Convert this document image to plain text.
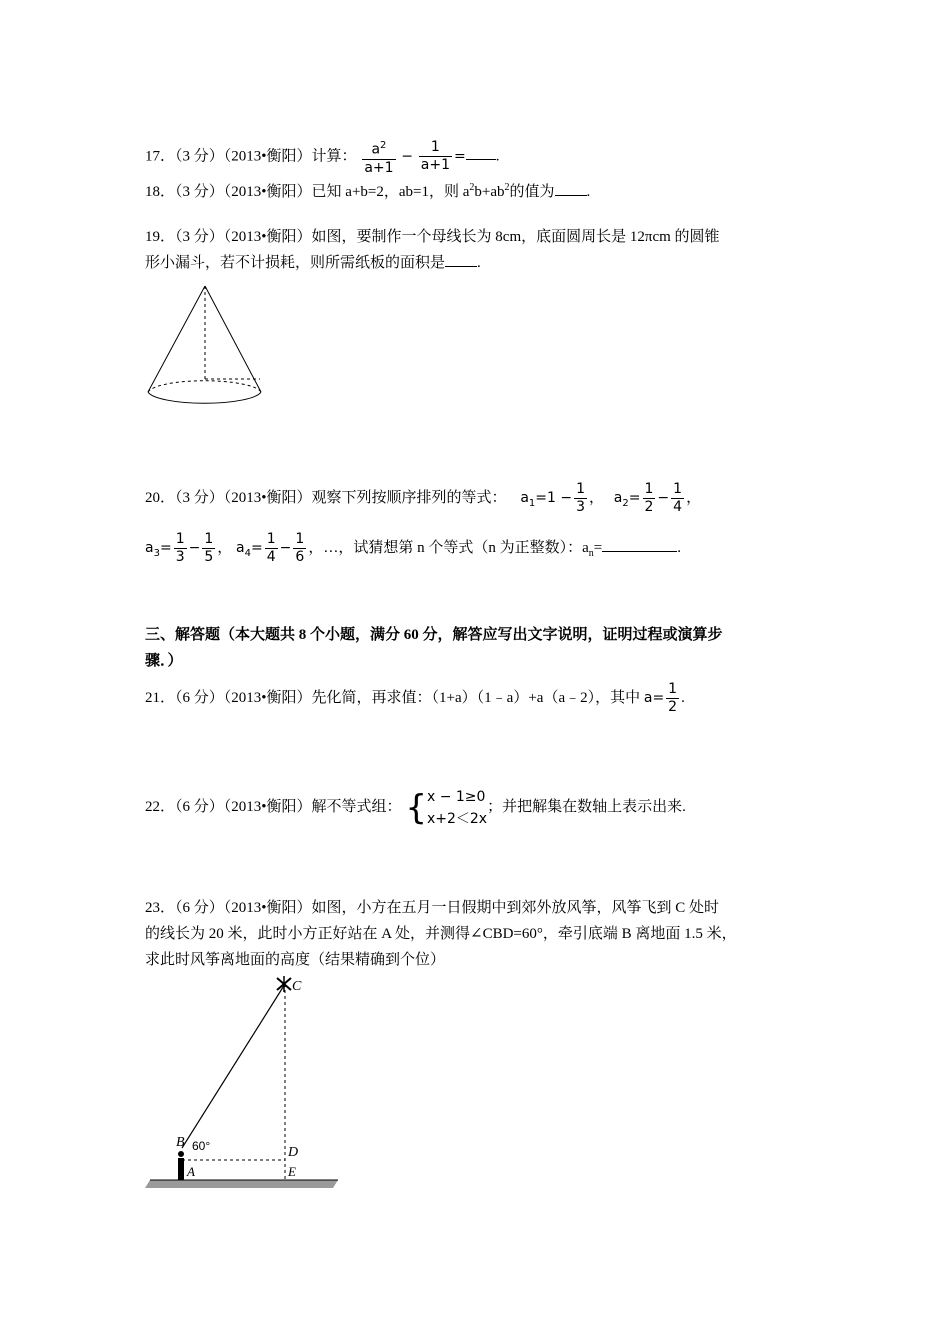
17．（3 分）（2013•衡阳）计算： $\frac{a^2}{a+1} - \frac{1}{a+1}$ = .
18．（3 分）（2013•衡阳）已知 a+b=2，ab=1，则 $a^2b+ab^2$的值为 .
19．（3 分）（2013•衡阳）如图，要制作一个母线长为 8cm，底面圆周长是 12πcm 的圆锥
形小漏斗，若不计损耗，则所需纸板的面积是 .
20．（3 分）（2013•衡阳）观察下列按顺序排列的等式： $a_1=1 - \frac{1}{3}$ ， $a_2= \frac{1}{2} - \frac{1}{4}$ ，
$a_3= \frac{1}{3} - \frac{1}{5}$ ， $a_4= \frac{1}{4} - \frac{1}{6}$ ，…，试猜想第 n 个等式（n 为正整数）：$a_n=$	.
三、解答题（本大题共 8 个小题，满分 60 分，解答应写出文字说明，证明过程或演算步
骤．）
21．（6 分）（2013•衡阳）先化简，再求值：（1+a）（1﹣a）+a（a﹣2），其中 $a= \frac{1}{2}$ .
22．（6 分）（2013•衡阳）解不等式组： { x − 1≥0
x+2＜2x
；并把解集在数轴上表示出来.
23．（6 分）（2013•衡阳）如图，小方在五月一日假期中到郊外放风筝，风筝飞到 C 处时
的线长为 20 米，此时小方正好站在 A 处，并测得∠CBD=60°，牵引底端 B 离地面 1.5 米，
求此时风筝离地面的高度（结果精确到个位）
C
B 60°	D
A	E
